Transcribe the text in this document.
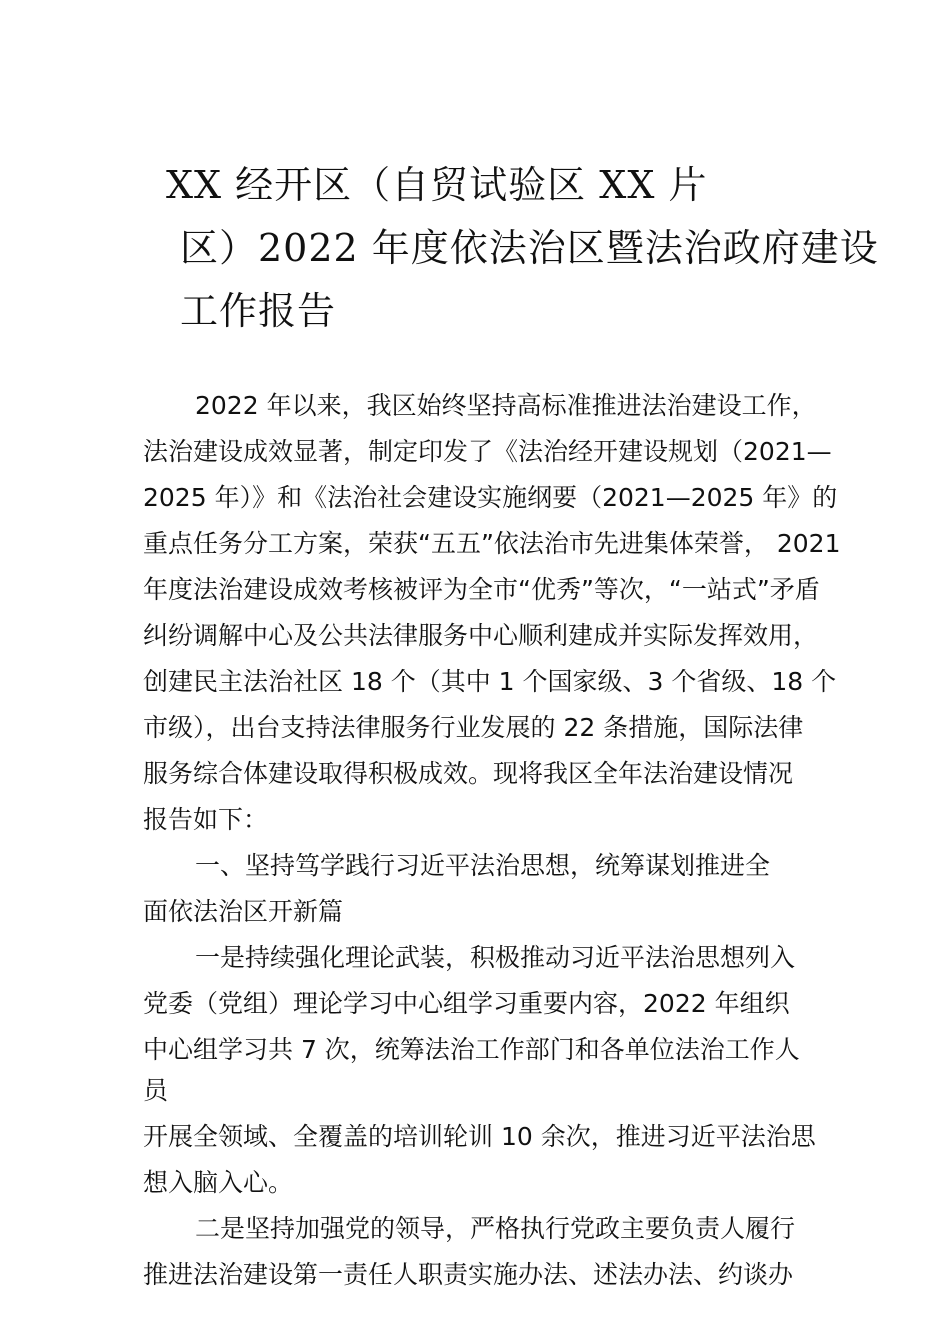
XX 经开区（自贸试验区 XX 片
区）2022 年度依法治区暨法治政府建设
工作报告
2022 年以来，我区始终坚持高标准推进法治建设工作，
法治建设成效显著，制定印发了《法治经开建设规划（2021—
2025 年）》和《法治社会建设实施纲要（2021—2025 年》的
重点任务分工方案，荣获“五五”依法治市先进集体荣誉， 2021
年度法治建设成效考核被评为全市“优秀”等次，“一站式”矛盾
纠纷调解中心及公共法律服务中心顺利建成并实际发挥效用，
创建民主法治社区 18 个（其中 1 个国家级、3 个省级、18 个
市级），出台支持法律服务行业发展的 22 条措施，国际法律
服务综合体建设取得积极成效。现将我区全年法治建设情况
报告如下：
一、坚持笃学践行习近平法治思想，统筹谋划推进全
面依法治区开新篇
一是持续强化理论武装，积极推动习近平法治思想列入
党委（党组）理论学习中心组学习重要内容，2022 年组织
中心组学习共 7 次，统筹法治工作部门和各单位法治工作人
员
开展全领域、全覆盖的培训轮训 10 余次，推进习近平法治思
想入脑入心。
二是坚持加强党的领导，严格执行党政主要负责人履行
推进法治建设第一责任人职责实施办法、述法办法、约谈办
